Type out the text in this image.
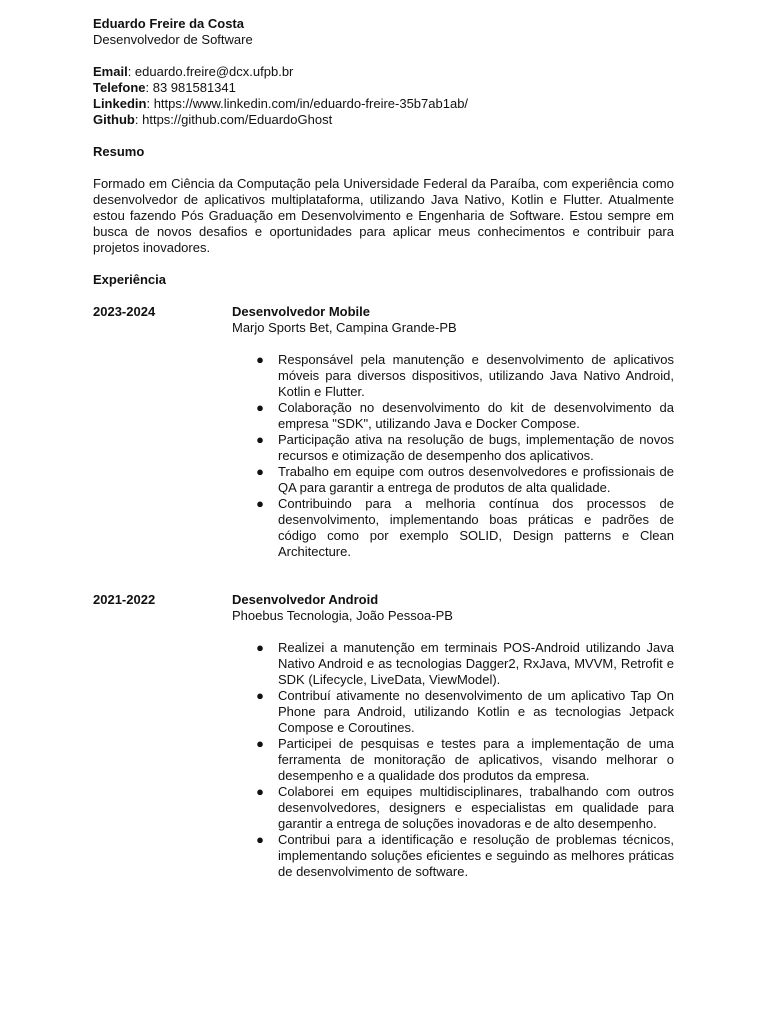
Eduardo Freire da Costa
Desenvolvedor de Software
Email: eduardo.freire@dcx.ufpb.br
Telefone: 83 981581341
Linkedin: https://www.linkedin.com/in/eduardo-freire-35b7ab1ab/
Github: https://github.com/EduardoGhost
Resumo
Formado em Ciência da Computação pela Universidade Federal da Paraíba, com experiência como desenvolvedor de aplicativos multiplataforma, utilizando Java Nativo, Kotlin e Flutter. Atualmente estou fazendo Pós Graduação em Desenvolvimento e Engenharia de Software. Estou sempre em busca de novos desafios e oportunidades para aplicar meus conhecimentos e contribuir para projetos inovadores.
Experiência
2023-2024	Desenvolvedor Mobile
Marjo Sports Bet, Campina Grande-PB
● Responsável pela manutenção e desenvolvimento de aplicativos móveis para diversos dispositivos, utilizando Java Nativo Android, Kotlin e Flutter.
● Colaboração no desenvolvimento do kit de desenvolvimento da empresa "SDK", utilizando Java e Docker Compose.
● Participação ativa na resolução de bugs, implementação de novos recursos e otimização de desempenho dos aplicativos.
● Trabalho em equipe com outros desenvolvedores e profissionais de QA para garantir a entrega de produtos de alta qualidade.
● Contribuindo para a melhoria contínua dos processos de desenvolvimento, implementando boas práticas e padrões de código como por exemplo SOLID, Design patterns e Clean Architecture.
2021-2022	Desenvolvedor Android
Phoebus Tecnologia, João Pessoa-PB
● Realizei a manutenção em terminais POS-Android utilizando Java Nativo Android e as tecnologias Dagger2, RxJava, MVVM, Retrofit e SDK (Lifecycle, LiveData, ViewModel).
● Contribuí ativamente no desenvolvimento de um aplicativo Tap On Phone para Android, utilizando Kotlin e as tecnologias Jetpack Compose e Coroutines.
● Participei de pesquisas e testes para a implementação de uma ferramenta de monitoração de aplicativos, visando melhorar o desempenho e a qualidade dos produtos da empresa.
● Colaborei em equipes multidisciplinares, trabalhando com outros desenvolvedores, designers e especialistas em qualidade para garantir a entrega de soluções inovadoras e de alto desempenho.
● Contribui para a identificação e resolução de problemas técnicos, implementando soluções eficientes e seguindo as melhores práticas de desenvolvimento de software.
